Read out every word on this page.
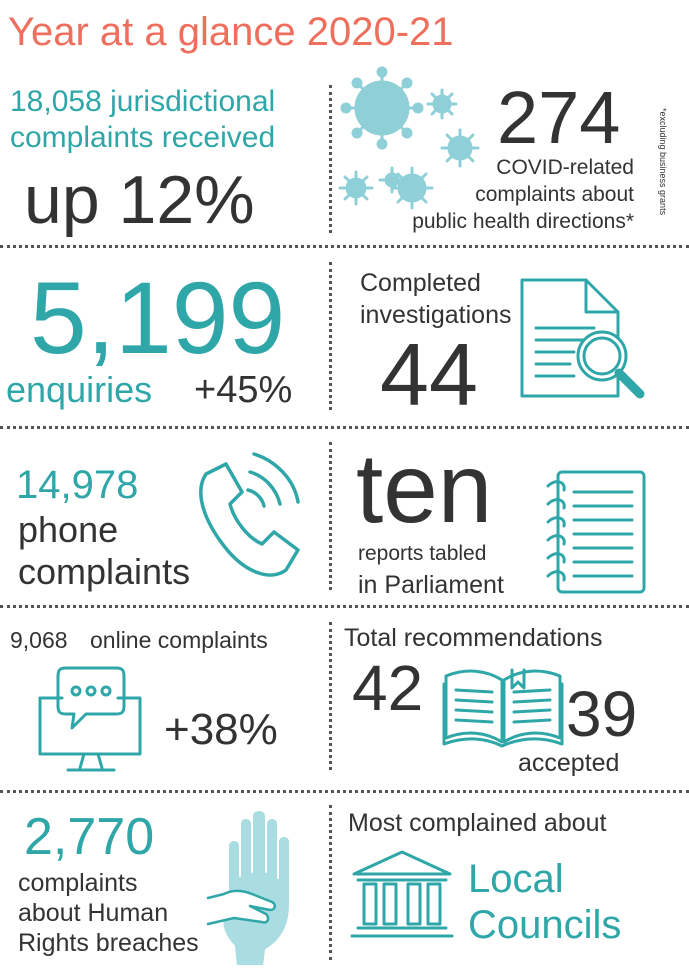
Year at a glance 2020-21
18,058 jurisdictional
complaints received
up 12%
274
COVID-related
complaints about
public health directions*
*excluding business grants
5,199
enquiries +45%
Completed
investigations
44
14,978
phone
complaints
ten
reports tabled
in Parliament
9,068 online complaints
+38%
Total recommendations
42 39
accepted
2,770
complaints
about Human
Rights breaches
Most complained about
Local
Councils
